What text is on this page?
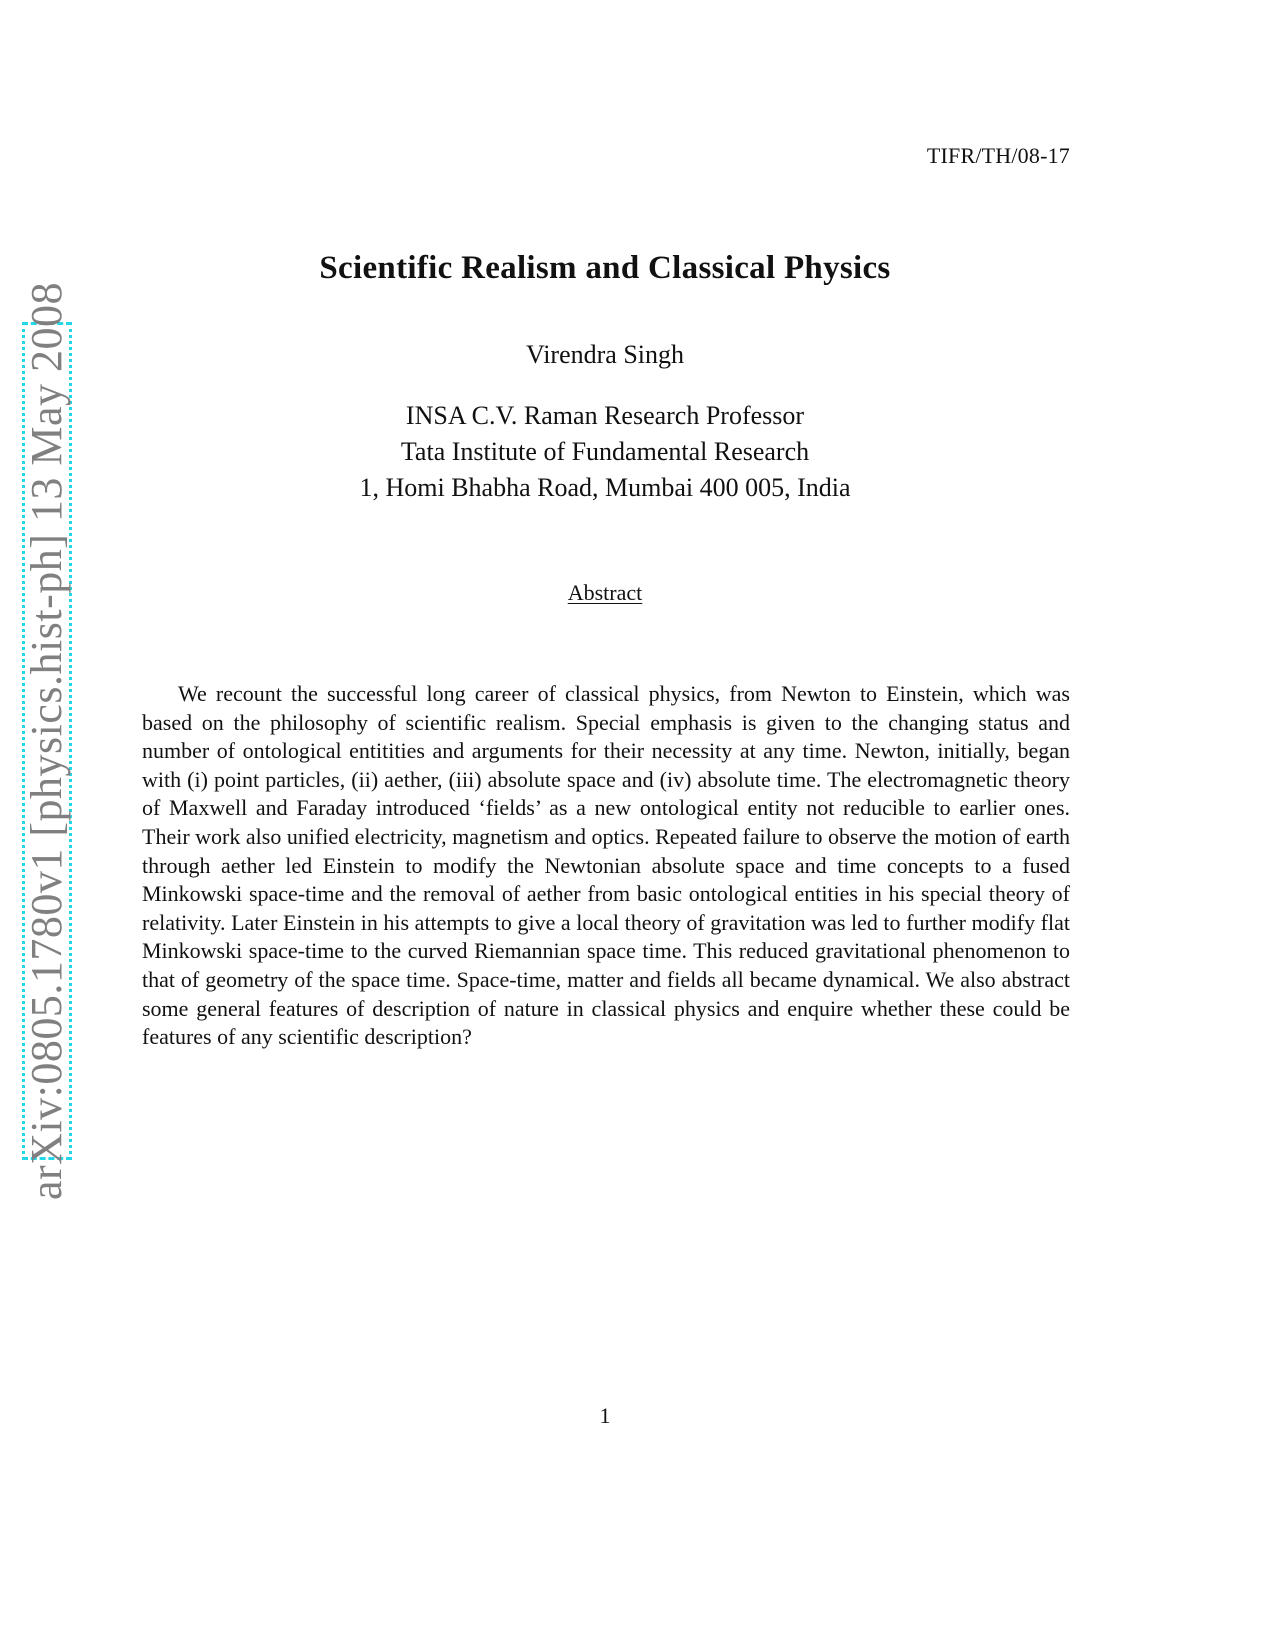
arXiv:0805.1780v1 [physics.hist-ph] 13 May 2008
TIFR/TH/08-17
Scientific Realism and Classical Physics
Virendra Singh
INSA C.V. Raman Research Professor
Tata Institute of Fundamental Research
1, Homi Bhabha Road, Mumbai 400 005, India
Abstract

We recount the successful long career of classical physics, from Newton to Einstein, which was based on the philosophy of scientific realism. Special emphasis is given to the changing status and number of ontological entitities and arguments for their necessity at any time. Newton, initially, began with (i) point particles, (ii) aether, (iii) absolute space and (iv) absolute time. The electromagnetic theory of Maxwell and Faraday introduced ‘fields’ as a new ontological entity not reducible to earlier ones. Their work also unified electricity, magnetism and optics. Repeated failure to observe the motion of earth through aether led Einstein to modify the Newtonian absolute space and time concepts to a fused Minkowski space-time and the removal of aether from basic ontological entities in his special theory of relativity. Later Einstein in his attempts to give a local theory of gravitation was led to further modify flat Minkowski space-time to the curved Riemannian space time. This reduced gravitational phenomenon to that of geometry of the space time. Space-time, matter and fields all became dynamical. We also abstract some general features of description of nature in classical physics and enquire whether these could be features of any scientific description?

1
